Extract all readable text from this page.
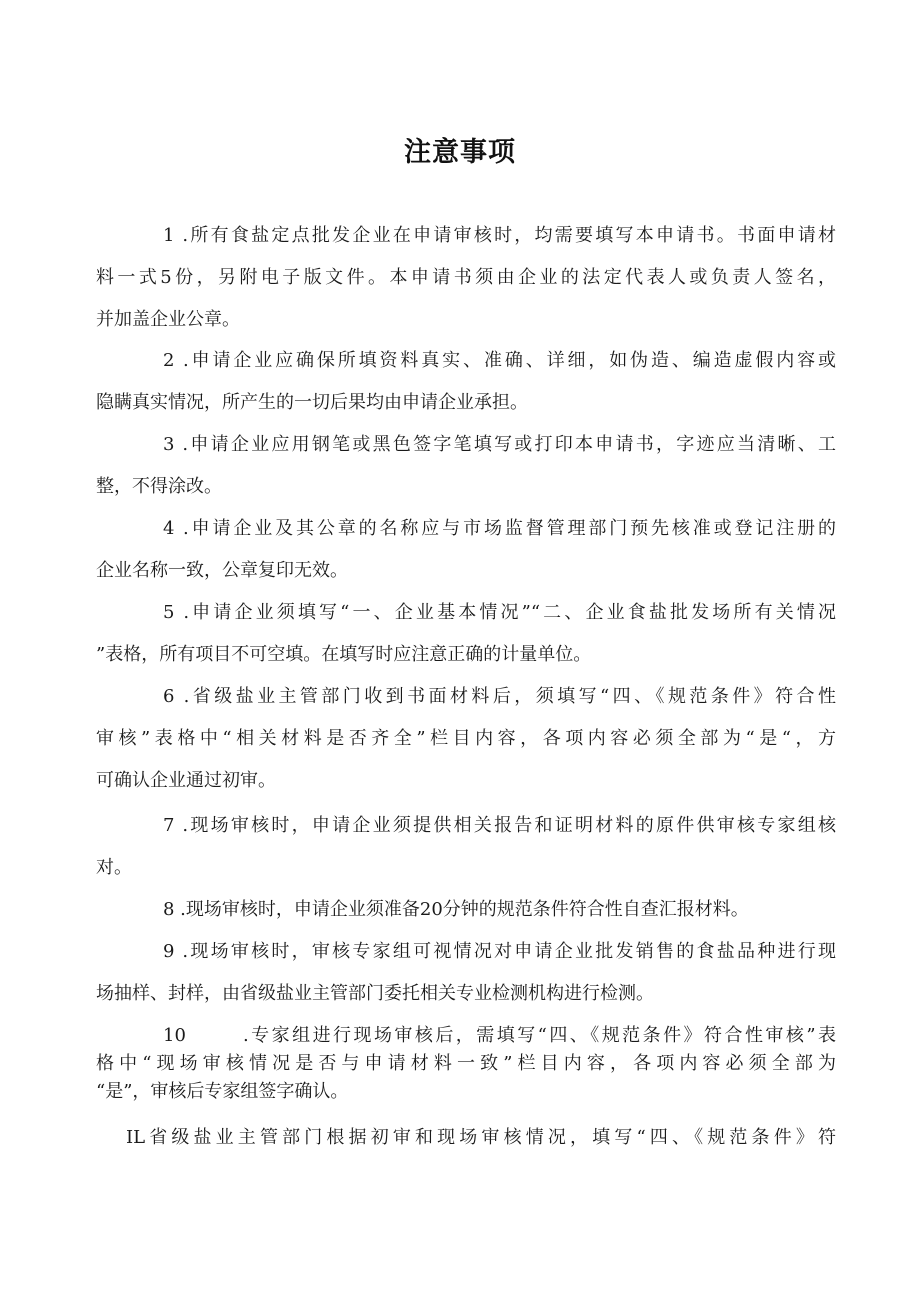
注意事项
1 .所有食盐定点批发企业在申请审核时，均需要填写本申请书。书面申请材
料一式5份，另附电子版文件。本申请书须由企业的法定代表人或负责人签名，
并加盖企业公章。
2 .申请企业应确保所填资料真实、准确、详细，如伪造、编造虚假内容或
隐瞒真实情况，所产生的一切后果均由申请企业承担。
3 .申请企业应用钢笔或黑色签字笔填写或打印本申请书，字迹应当清晰、工
整，不得涂改。
4 .申请企业及其公章的名称应与市场监督管理部门预先核准或登记注册的
企业名称一致，公章复印无效。
5 .申请企业须填写“一、企业基本情况”“二、企业食盐批发场所有关情况
”表格，所有项目不可空填。在填写时应注意正确的计量单位。
6 .省级盐业主管部门收到书面材料后，须填写“四、《规范条件》符合性
审核”表格中“相关材料是否齐全”栏目内容，各项内容必须全部为“是“，方
可确认企业通过初审。
7 .现场审核时，申请企业须提供相关报告和证明材料的原件供审核专家组核
对。
8 .现场审核时，申请企业须准备20分钟的规范条件符合性自查汇报材料。
9 .现场审核时，审核专家组可视情况对申请企业批发销售的食盐品种进行现
场抽样、封样，由省级盐业主管部门委托相关专业检测机构进行检测。
10	.专家组进行现场审核后，需填写“四、《规范条件》符合性审核”表
格中“现场审核情况是否与申请材料一致”栏目内容，各项内容必须全部为
“是”，审核后专家组签字确认。
IL省级盐业主管部门根据初审和现场审核情况，填写“四、《规范条件》符
